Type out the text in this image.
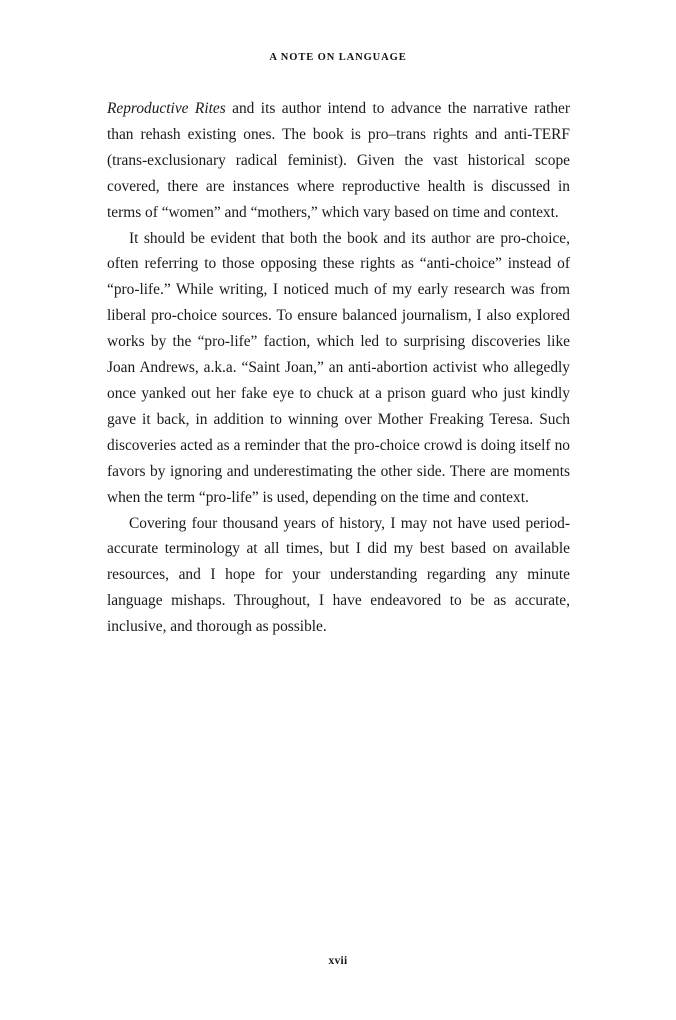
A NOTE ON LANGUAGE

Reproductive Rites and its author intend to advance the narrative rather than rehash existing ones. The book is pro–trans rights and anti-TERF (trans-exclusionary radical feminist). Given the vast historical scope covered, there are instances where reproductive health is discussed in terms of “women” and “mothers,” which vary based on time and context.

It should be evident that both the book and its author are pro-choice, often referring to those opposing these rights as “anti-choice” instead of “pro-life.” While writing, I noticed much of my early research was from liberal pro-choice sources. To ensure balanced journalism, I also explored works by the “pro-life” faction, which led to surprising discoveries like Joan Andrews, a.k.a. “Saint Joan,” an anti-abortion activist who allegedly once yanked out her fake eye to chuck at a prison guard who just kindly gave it back, in addition to winning over Mother Freaking Teresa. Such discoveries acted as a reminder that the pro-choice crowd is doing itself no favors by ignoring and underestimating the other side. There are moments when the term “pro-life” is used, depending on the time and context.

Covering four thousand years of history, I may not have used period-accurate terminology at all times, but I did my best based on available resources, and I hope for your understanding regarding any minute language mishaps. Throughout, I have endeavored to be as accurate, inclusive, and thorough as possible.

xvii
